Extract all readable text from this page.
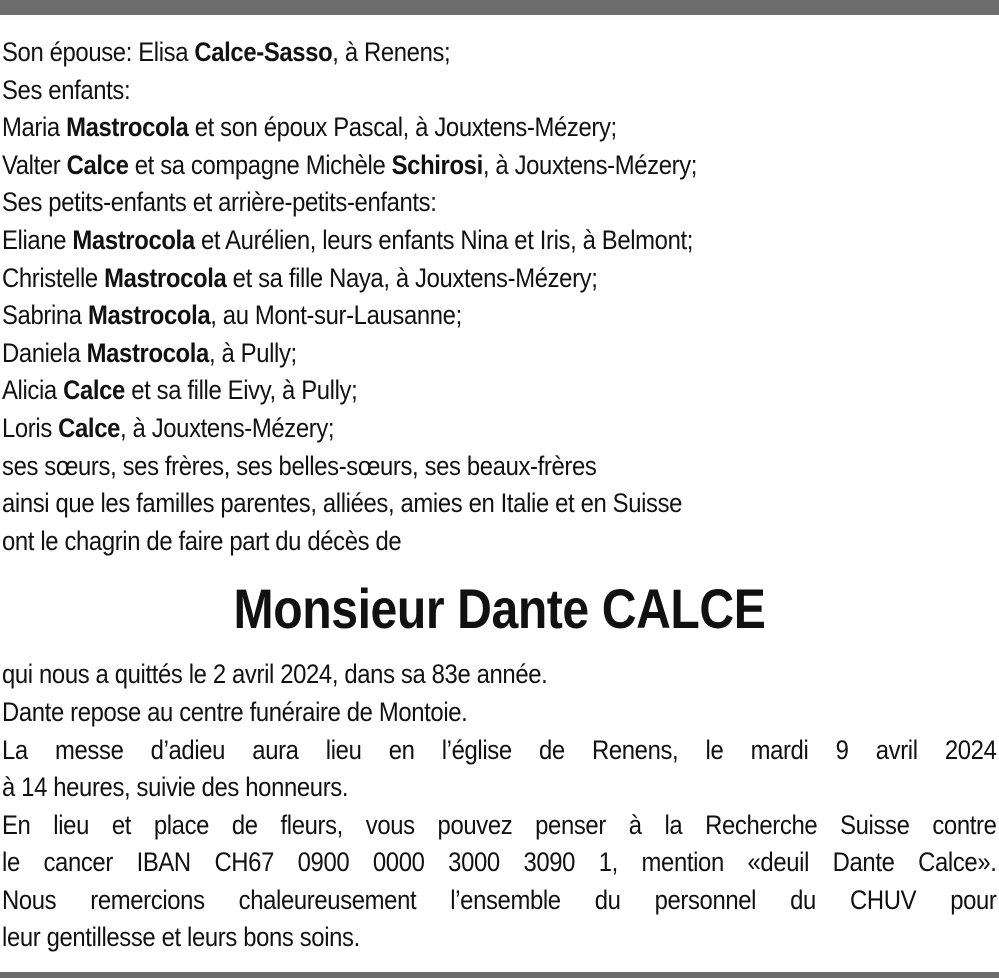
Son épouse: Elisa Calce-Sasso, à Renens;
Ses enfants:
Maria Mastrocola et son époux Pascal, à Jouxtens-Mézery;
Valter Calce et sa compagne Michèle Schirosi, à Jouxtens-Mézery;
Ses petits-enfants et arrière-petits-enfants:
Eliane Mastrocola et Aurélien, leurs enfants Nina et Iris, à Belmont;
Christelle Mastrocola et sa fille Naya, à Jouxtens-Mézery;
Sabrina Mastrocola, au Mont-sur-Lausanne;
Daniela Mastrocola, à Pully;
Alicia Calce et sa fille Eivy, à Pully;
Loris Calce, à Jouxtens-Mézery;
ses sœurs, ses frères, ses belles-sœurs, ses beaux-frères
ainsi que les familles parentes, alliées, amies en Italie et en Suisse
ont le chagrin de faire part du décès de
Monsieur Dante CALCE
qui nous a quittés le 2 avril 2024, dans sa 83e année.
Dante repose au centre funéraire de Montoie.
La messe d’adieu aura lieu en l’église de Renens, le mardi 9 avril 2024
à 14 heures, suivie des honneurs.
En lieu et place de fleurs, vous pouvez penser à la Recherche Suisse contre
le cancer IBAN CH67 0900 0000 3000 3090 1, mention «deuil Dante Calce».
Nous remercions chaleureusement l’ensemble du personnel du CHUV pour
leur gentillesse et leurs bons soins.
